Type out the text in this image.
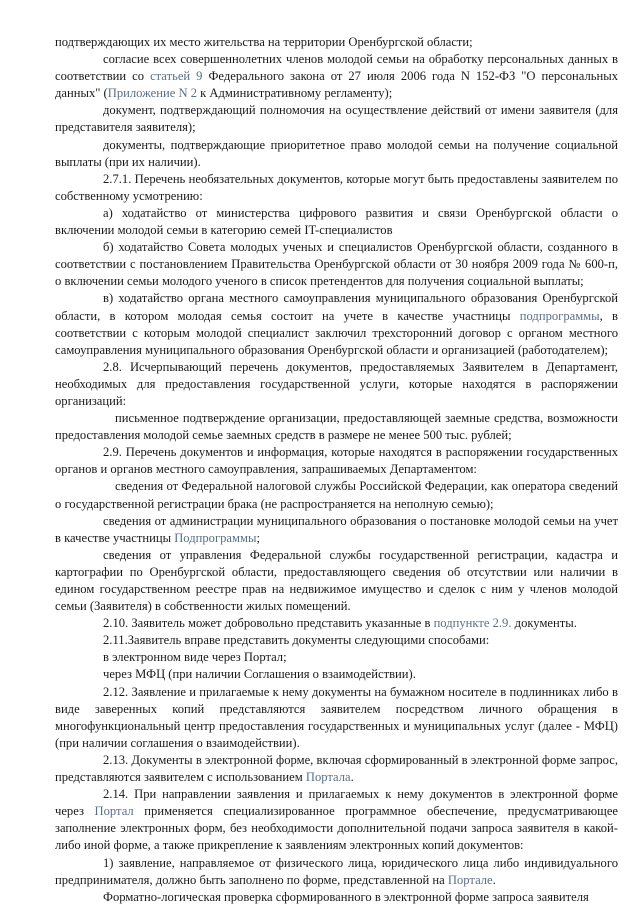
подтверждающих их место жительства на территории Оренбургской области;

согласие всех совершеннолетних членов молодой семьи на обработку персональных данных в соответствии со статьей 9 Федерального закона от 27 июля 2006 года N 152-ФЗ "О персональных данных" (Приложение N 2 к Административному регламенту);

документ, подтверждающий полномочия на осуществление действий от имени заявителя (для представителя заявителя);

документы, подтверждающие приоритетное право молодой семьи на получение социальной выплаты (при их наличии).

2.7.1. Перечень необязательных документов, которые могут быть предоставлены заявителем по собственному усмотрению:

а) ходатайство от министерства цифрового развития и связи Оренбургской области о включении молодой семьи в категорию семей IT-специалистов

б) ходатайство Совета молодых ученых и специалистов Оренбургской области, созданного в соответствии с постановлением Правительства Оренбургской области от 30 ноября 2009 года № 600-п, о включении семьи молодого ученого в список претендентов для получения социальной выплаты;

в) ходатайство органа местного самоуправления муниципального образования Оренбургской области, в котором молодая семья состоит на учете в качестве участницы подпрограммы, в соответствии с которым молодой специалист заключил трехсторонний договор с органом местного самоуправления муниципального образования Оренбургской области и организацией (работодателем);

2.8. Исчерпывающий перечень документов, предоставляемых Заявителем в Департамент, необходимых для предоставления государственной услуги, которые находятся в распоряжении организаций:

письменное подтверждение организации, предоставляющей заемные средства, возможности предоставления молодой семье заемных средств в размере не менее 500 тыс. рублей;

2.9. Перечень документов и информация, которые находятся в распоряжении государственных органов и органов местного самоуправления, запрашиваемых Департаментом:

сведения от Федеральной налоговой службы Российской Федерации, как оператора сведений о государственной регистрации брака (не распространяется на неполную семью);

сведения от администрации муниципального образования о постановке молодой семьи на учет в качестве участницы Подпрограммы;

сведения от управления Федеральной службы государственной регистрации, кадастра и картографии по Оренбургской области, предоставляющего сведения об отсутствии или наличии в едином государственном реестре прав на недвижимое имущество и сделок с ним у членов молодой семьи (Заявителя) в собственности жилых помещений.

2.10. Заявитель может добровольно представить указанные в подпункте 2.9. документы.

2.11.Заявитель вправе представить документы следующими способами:

в электронном виде через Портал;

через МФЦ (при наличии Соглашения о взаимодействии).

2.12. Заявление и прилагаемые к нему документы на бумажном носителе в подлинниках либо в виде заверенных копий представляются заявителем посредством личного обращения в многофункциональный центр предоставления государственных и муниципальных услуг (далее - МФЦ) (при наличии соглашения о взаимодействии).

2.13. Документы в электронной форме, включая сформированный в электронной форме запрос, представляются заявителем с использованием Портала.

2.14. При направлении заявления и прилагаемых к нему документов в электронной форме через Портал применяется специализированное программное обеспечение, предусматривающее заполнение электронных форм, без необходимости дополнительной подачи запроса заявителя в какой-либо иной форме, а также прикрепление к заявлениям электронных копий документов:

1) заявление, направляемое от физического лица, юридического лица либо индивидуального предпринимателя, должно быть заполнено по форме, представленной на Портале.

Форматно-логическая проверка сформированного в электронной форме запроса заявителя
